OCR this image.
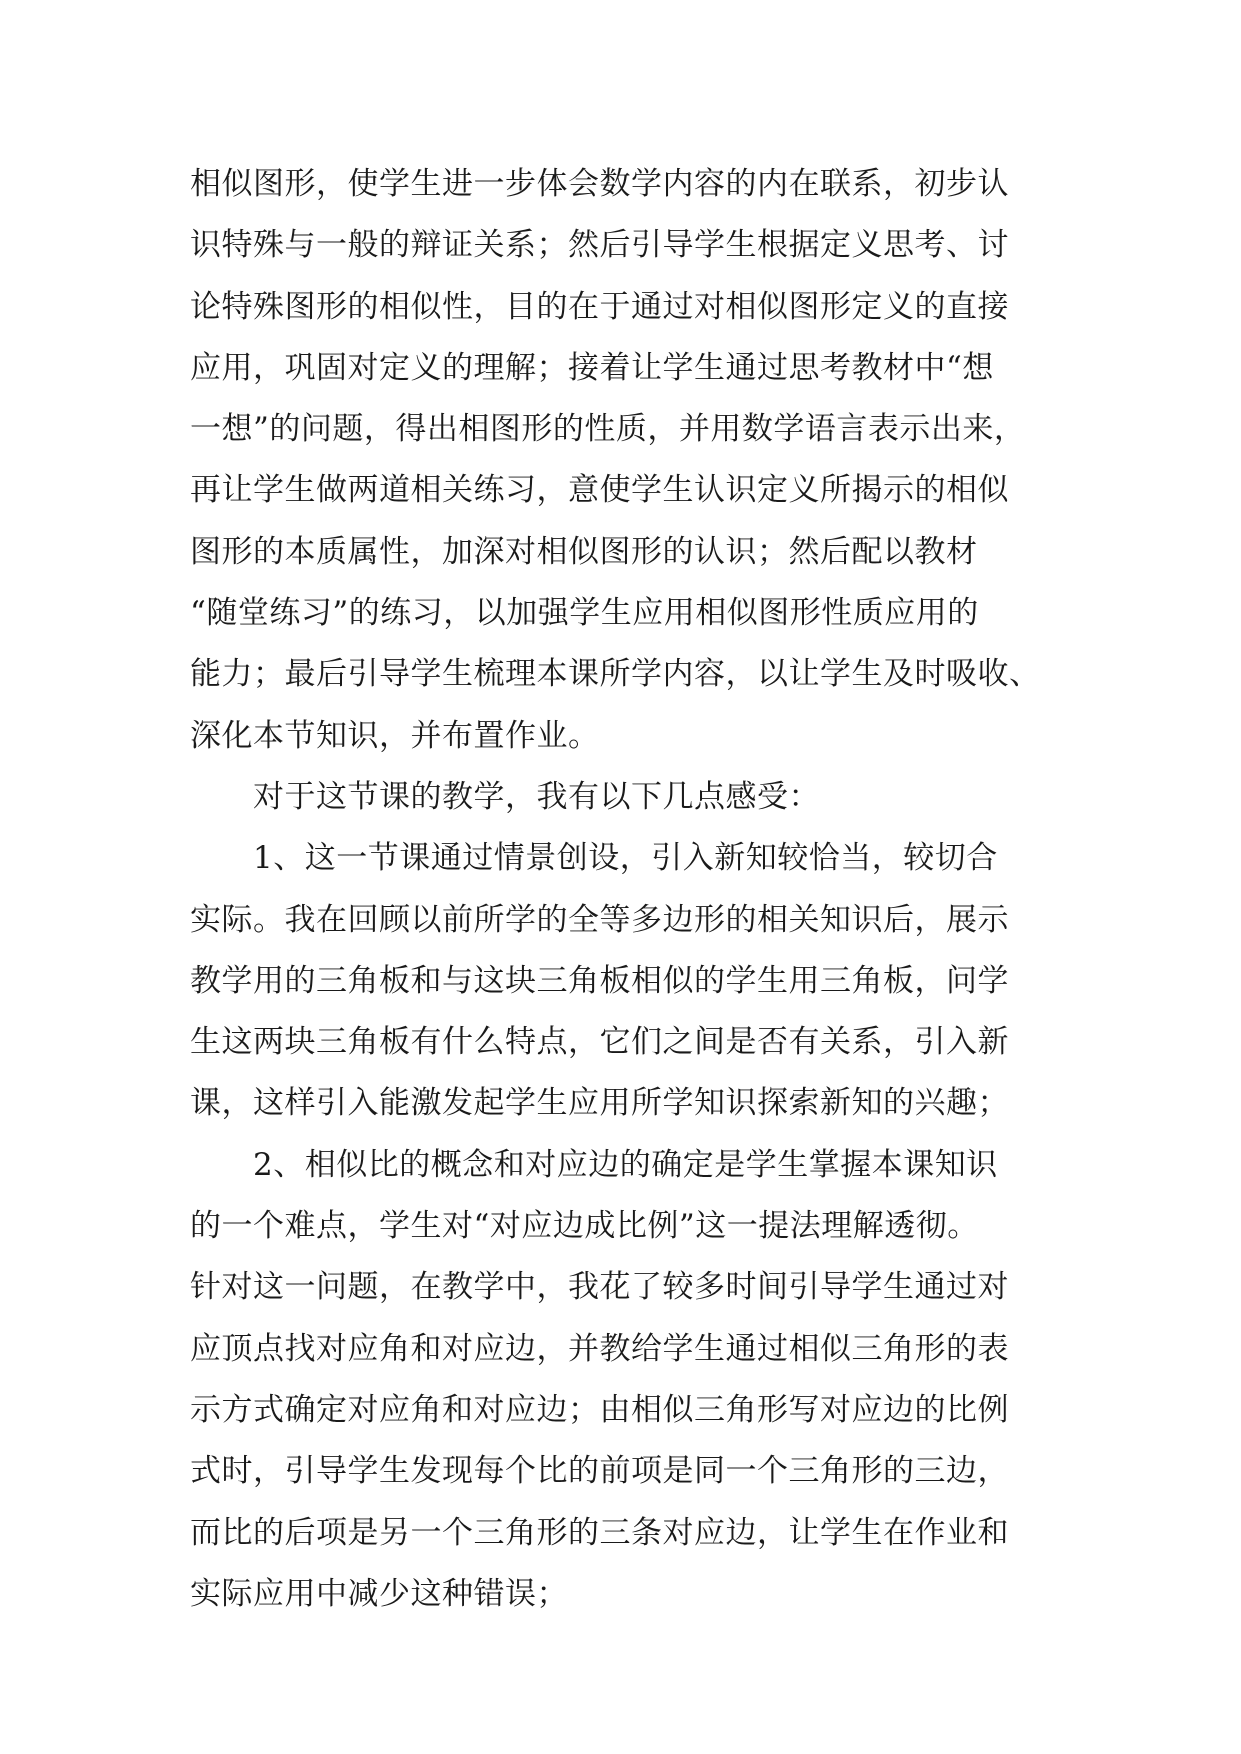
相似图形，使学生进一步体会数学内容的内在联系，初步认
识特殊与一般的辩证关系；然后引导学生根据定义思考、讨
论特殊图形的相似性，目的在于通过对相似图形定义的直接
应用，巩固对定义的理解；接着让学生通过思考教材中“想
一想”的问题，得出相图形的性质，并用数学语言表示出来，
再让学生做两道相关练习，意使学生认识定义所揭示的相似
图形的本质属性，加深对相似图形的认识；然后配以教材
“随堂练习”的练习，以加强学生应用相似图形性质应用的
能力；最后引导学生梳理本课所学内容，以让学生及时吸收、
深化本节知识，并布置作业。
　　对于这节课的教学，我有以下几点感受：
　　1、这一节课通过情景创设，引入新知较恰当，较切合
实际。我在回顾以前所学的全等多边形的相关知识后，展示
教学用的三角板和与这块三角板相似的学生用三角板，问学
生这两块三角板有什么特点，它们之间是否有关系，引入新
课，这样引入能激发起学生应用所学知识探索新知的兴趣；
　　2、相似比的概念和对应边的确定是学生掌握本课知识
的一个难点，学生对“对应边成比例”这一提法理解透彻。
针对这一问题，在教学中，我花了较多时间引导学生通过对
应顶点找对应角和对应边，并教给学生通过相似三角形的表
示方式确定对应角和对应边；由相似三角形写对应边的比例
式时，引导学生发现每个比的前项是同一个三角形的三边，
而比的后项是另一个三角形的三条对应边，让学生在作业和
实际应用中减少这种错误；
